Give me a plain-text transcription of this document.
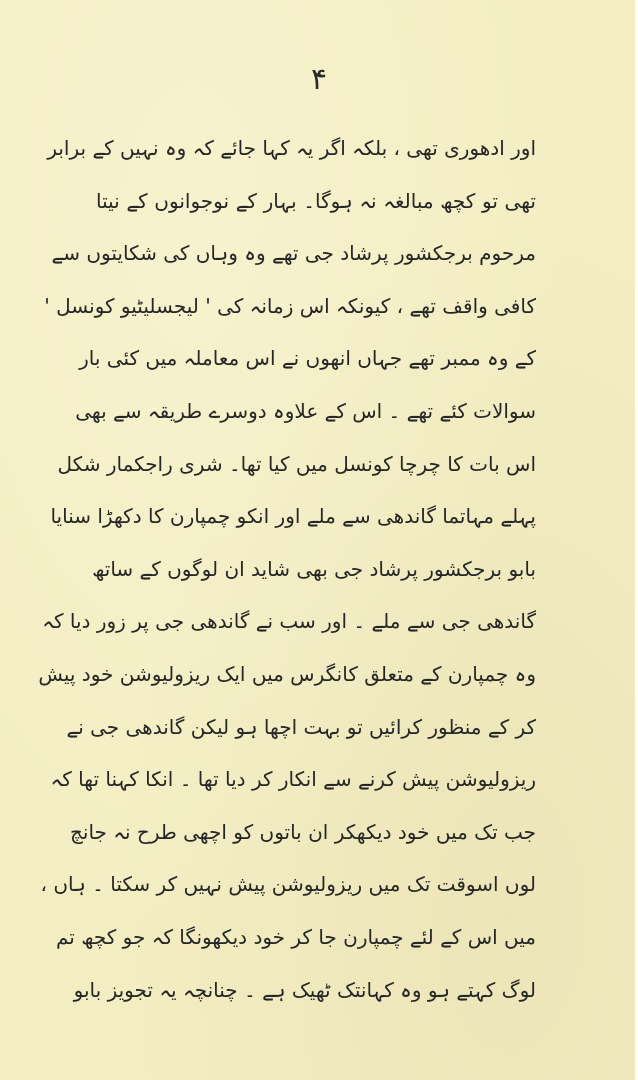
۴
اور ادھوری تھی ، بلکہ اگر یہ کہا جائے کہ وہ نہیں کے برابر
تھی تو کچھ مبالغہ نہ ہوگا۔ بہار کے نوجوانوں کے نیتا
مرحوم برجکشور پرشاد جی تھے وہ وہاں کی شکایتوں سے
کافی واقف تھے ، کیونکہ اس زمانہ کی ' لیجسلیٹیو کونسل '
کے وہ ممبر تھے جہاں انھوں نے اس معاملہ میں کئی بار
سوالات کئے تھے ۔ اس کے علاوہ دوسرے طریقہ سے بھی
اس بات کا چرچا کونسل میں کیا تھا۔ شری راجکمار شکل
پہلے مہاتما گاندھی سے ملے اور انکو چمپارن کا دکھڑا سنایا
بابو برجکشور پرشاد جی بھی شاید ان لوگوں کے ساتھ
گاندھی جی سے ملے ۔ اور سب نے گاندھی جی پر زور دیا کہ
وہ چمپارن کے متعلق کانگرس میں ایک ریزولیوشن خود پیش
کر کے منظور کرائیں تو بہت اچھا ہو لیکن گاندھی جی نے
ریزولیوشن پیش کرنے سے انکار کر دیا تھا ۔ انکا کہنا تھا کہ
جب تک میں خود دیکھکر ان باتوں کو اچھی طرح نہ جانچ
لوں اسوقت تک میں ریزولیوشن پیش نہیں کر سکتا ۔ ہاں ،
میں اس کے لئے چمپارن جا کر خود دیکھونگا کہ جو کچھ تم
لوگ کہتے ہو وہ کہانتک ٹھیک ہے ۔ چنانچہ یہ تجویز بابو
